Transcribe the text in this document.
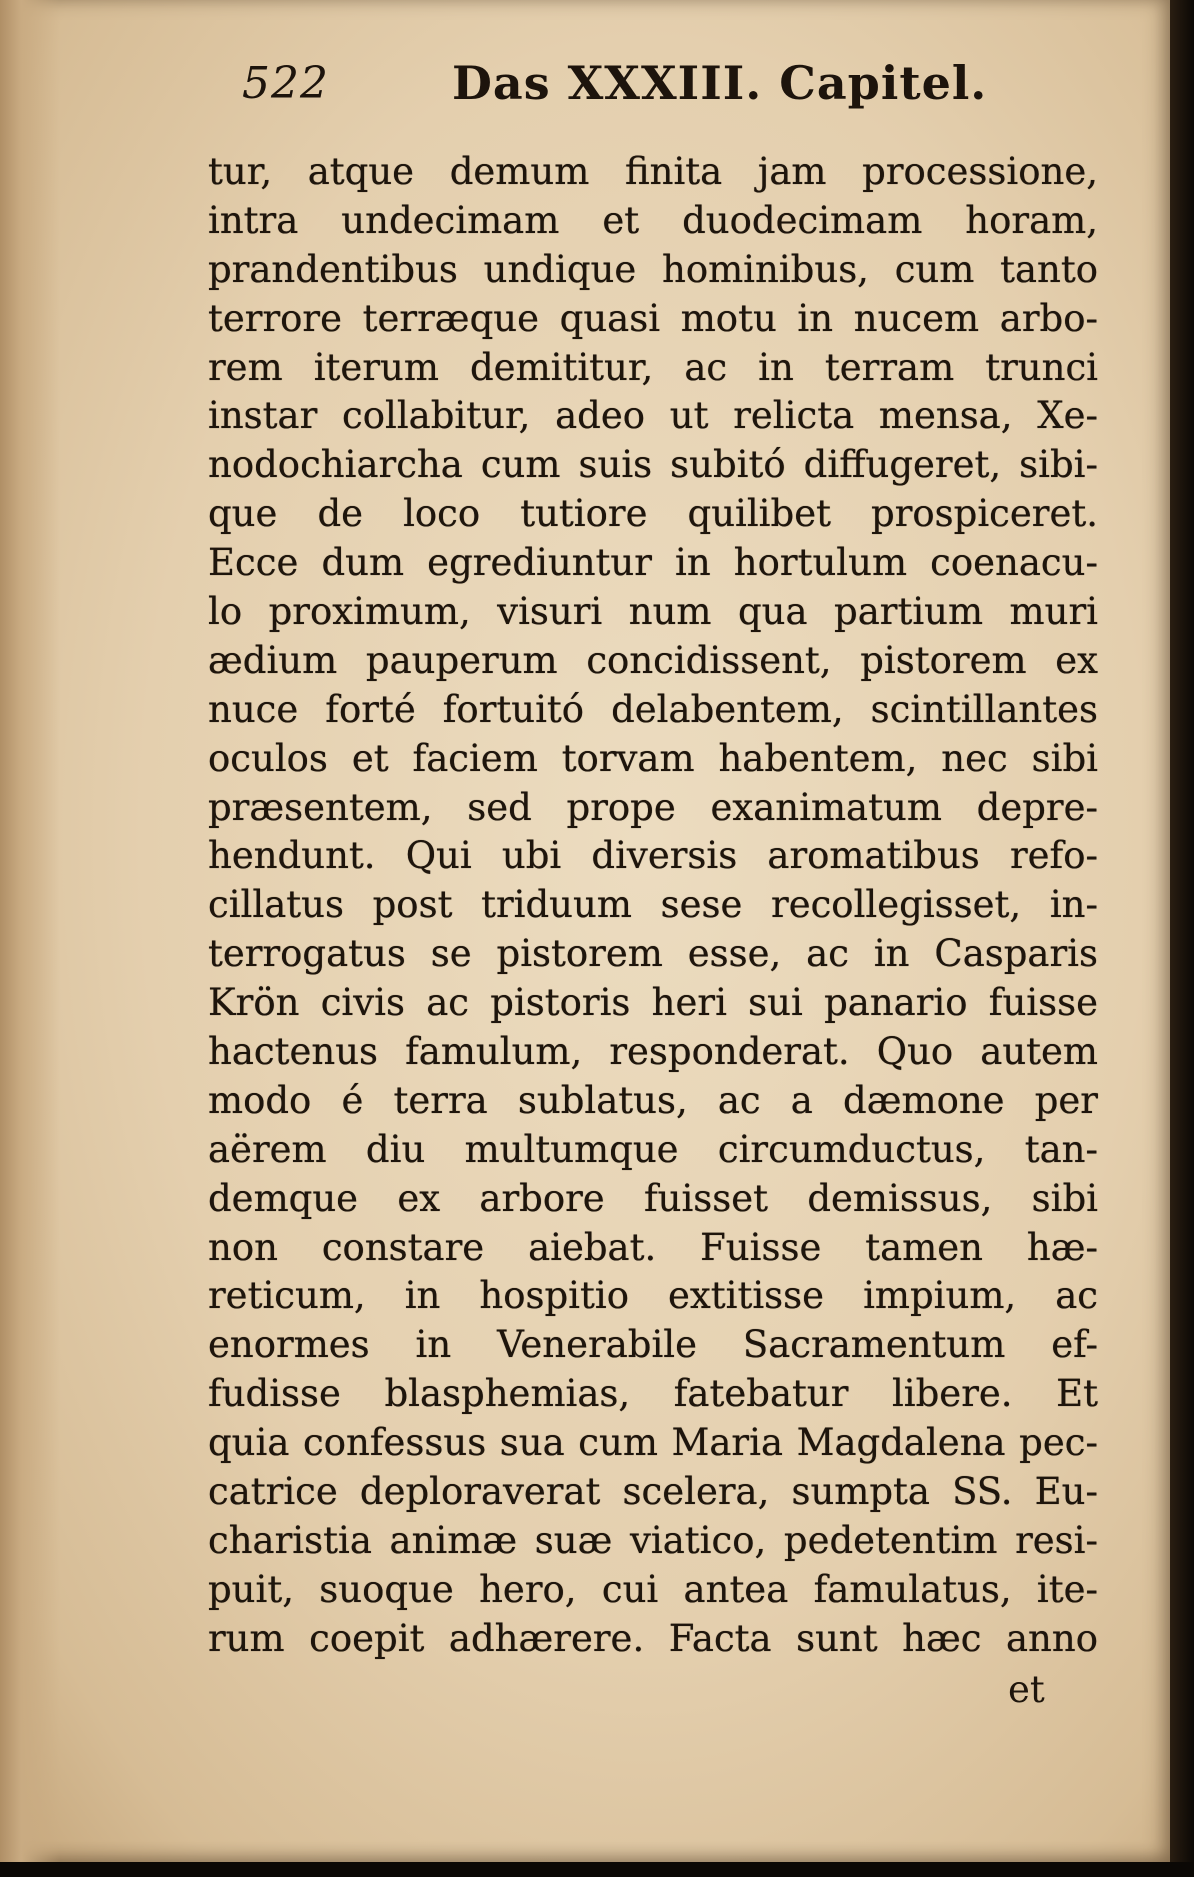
522	Das XXXIII. Capitel.
tur, atque demum finita jam processione,
intra undecimam et duodecimam horam,
prandentibus undique hominibus, cum tanto
terrore terræque quasi motu in nucem arbo-
rem iterum demititur, ac in terram trunci
instar collabitur, adeo ut relicta mensa, Xe-
nodochiarcha cum suis subitó diffugeret, sibi-
que de loco tutiore quilibet prospiceret.
Ecce dum egrediuntur in hortulum coenacu-
lo proximum, visuri num qua partium muri
ædium pauperum concidissent, pistorem ex
nuce forté fortuitó delabentem, scintillantes
oculos et faciem torvam habentem, nec sibi
præsentem, sed prope exanimatum depre-
hendunt. Qui ubi diversis aromatibus refo-
cillatus post triduum sese recollegisset, in-
terrogatus se pistorem esse, ac in Casparis
Krön civis ac pistoris heri sui panario fuisse
hactenus famulum, responderat. Quo autem
modo é terra sublatus, ac a dæmone per
aërem diu multumque circumductus, tan-
demque ex arbore fuisset demissus, sibi
non constare aiebat. Fuisse tamen hæ-
reticum, in hospitio extitisse impium, ac
enormes in Venerabile Sacramentum ef-
fudisse blasphemias, fatebatur libere. Et
quia confessus sua cum Maria Magdalena pec-
catrice deploraverat scelera, sumpta SS. Eu-
charistia animæ suæ viatico, pedetentim resi-
puit, suoque hero, cui antea famulatus, ite-
rum coepit adhærere. Facta sunt hæc anno
et
